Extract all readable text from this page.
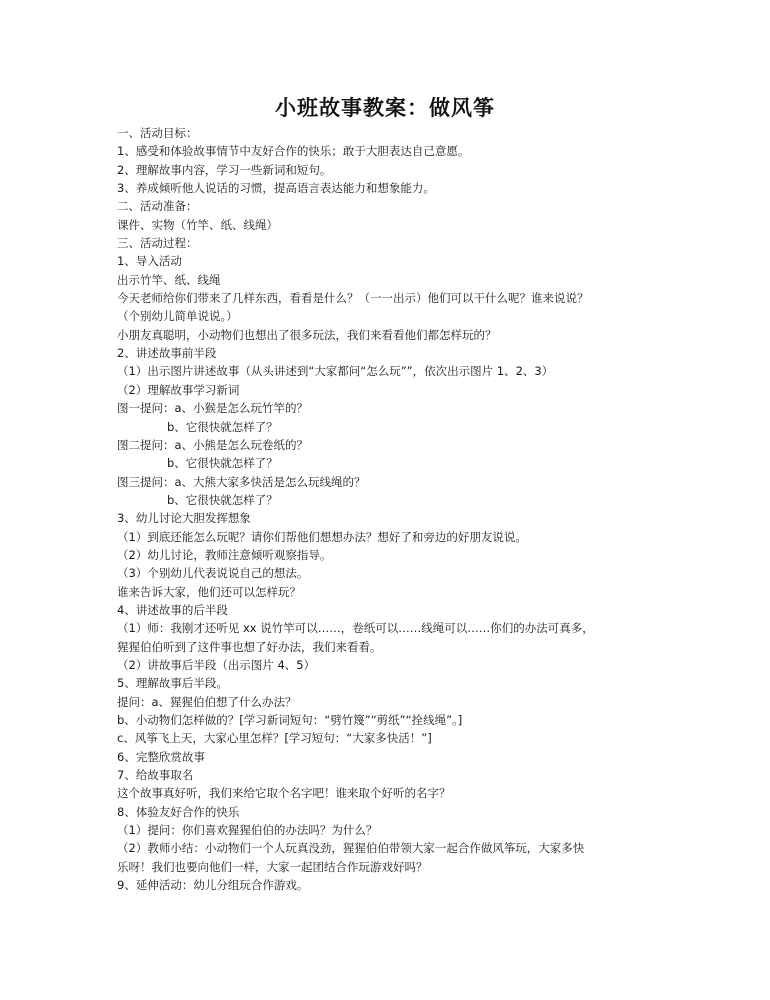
小班故事教案：做风筝
一、活动目标：
1、感受和体验故事情节中友好合作的快乐；敢于大胆表达自己意愿。
2、理解故事内容，学习一些新词和短句。
3、养成倾听他人说话的习惯，提高语言表达能力和想象能力。
二、活动准备：
课件、实物（竹竿、纸、线绳）
三、活动过程：
1、导入活动
出示竹竿、纸、线绳
今天老师给你们带来了几样东西，看看是什么？（一一出示）他们可以干什么呢？谁来说说？
（个别幼儿简单说说。）
小朋友真聪明，小动物们也想出了很多玩法，我们来看看他们都怎样玩的？
2、讲述故事前半段
（1）出示图片讲述故事（从头讲述到“大家都问“怎么玩””，依次出示图片 1、2、3）
（2）理解故事学习新词
图一提问：a、小猴是怎么玩竹竿的？
b、它很快就怎样了？
图二提问：a、小熊是怎么玩卷纸的？
b、它很快就怎样了？
图三提问：a、大熊大家多快活是怎么玩线绳的？
b、它很快就怎样了？
3、幼儿讨论大胆发挥想象
（1）到底还能怎么玩呢？请你们帮他们想想办法？想好了和旁边的好朋友说说。
（2）幼儿讨论，教师注意倾听观察指导。
（3）个别幼儿代表说说自己的想法。
谁来告诉大家，他们还可以怎样玩？
4、讲述故事的后半段
（1）师：我刚才还听见 xx 说竹竿可以……，卷纸可以……线绳可以……你们的办法可真多，
猩猩伯伯听到了这件事也想了好办法，我们来看看。
（2）讲故事后半段（出示图片 4、5）
5、理解故事后半段。
提问：a、猩猩伯伯想了什么办法？
b、小动物们怎样做的？[学习新词短句：“劈竹篾”“剪纸”“拴线绳”。]
c、风筝飞上天，大家心里怎样？[学习短句：“大家多快活！”]
6、完整欣赏故事
7、给故事取名
这个故事真好听，我们来给它取个名字吧！谁来取个好听的名字？
8、体验友好合作的快乐
（1）提问：你们喜欢猩猩伯伯的办法吗？为什么？
（2）教师小结：小动物们一个人玩真没劲，猩猩伯伯带领大家一起合作做风筝玩，大家多快
乐呀！我们也要向他们一样，大家一起团结合作玩游戏好吗？
9、延伸活动：幼儿分组玩合作游戏。
